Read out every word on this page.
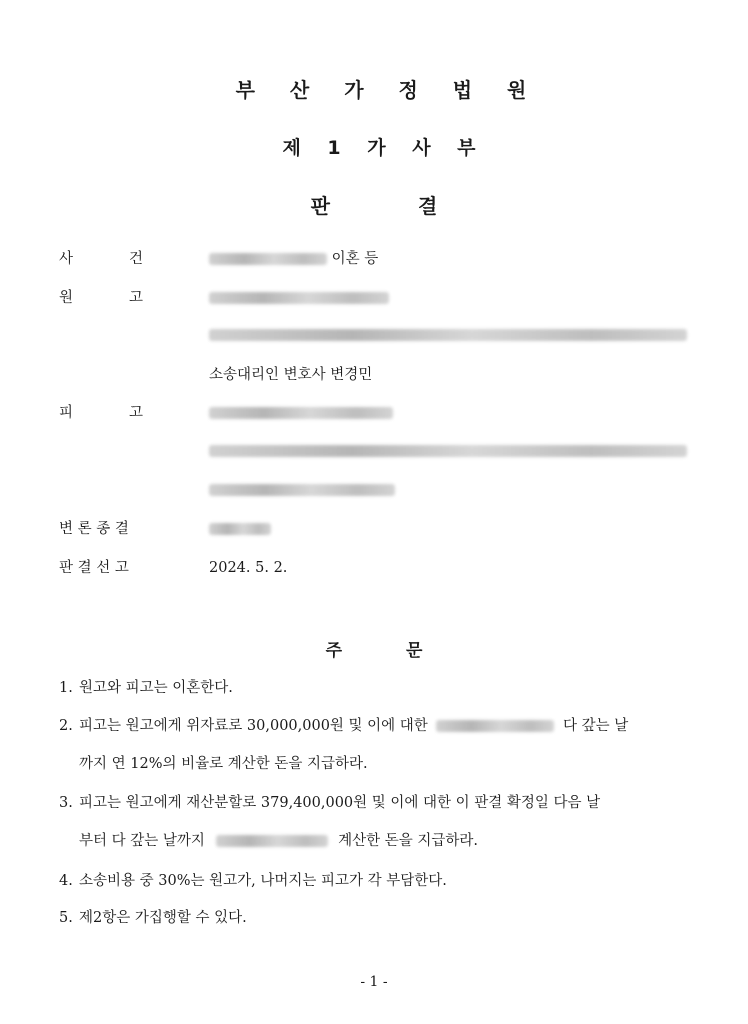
부 산 가 정 법 원
제 1 가 사 부
판	결
사	건	이혼 등
원	고
소송대리인 변호사 변경민
피	고
변 론 종 결
판 결 선 고	2024. 5. 2.
주	문
1. 원고와 피고는 이혼한다.
2. 피고는 원고에게 위자료로 30,000,000원 및 이에 대한	다 갚는 날
까지 연 12%의 비율로 계산한 돈을 지급하라.
3. 피고는 원고에게 재산분할로 379,400,000원 및 이에 대한 이 판결 확정일 다음 날
부터 다 갚는 날까지	계산한 돈을 지급하라.
4. 소송비용 중 30%는 원고가, 나머지는 피고가 각 부담한다.
5. 제2항은 가집행할 수 있다.
- 1 -
